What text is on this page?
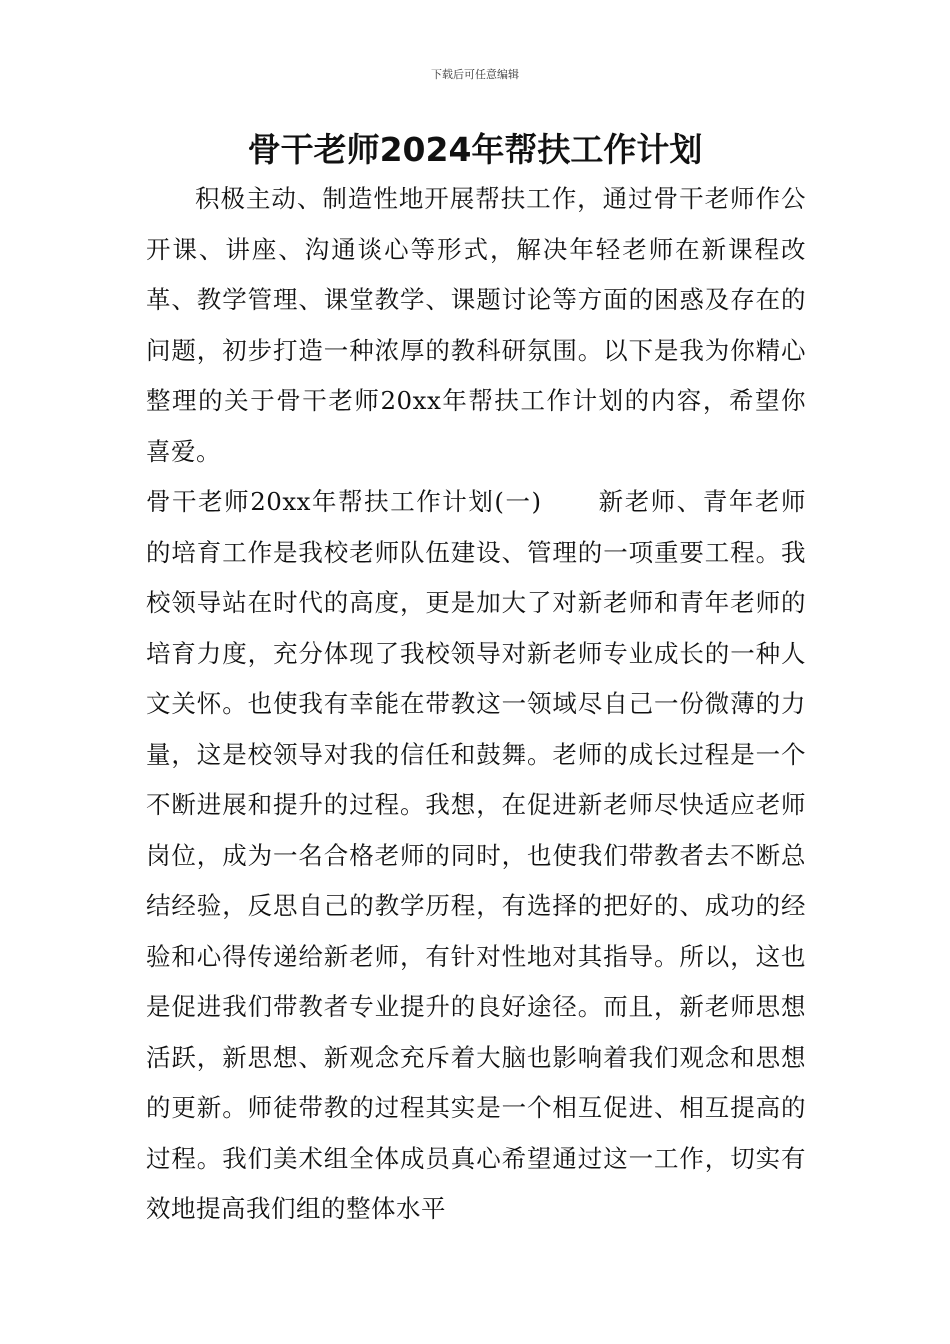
下载后可任意编辑
骨干老师2024年帮扶工作计划

积极主动、制造性地开展帮扶工作，通过骨干老师作公开课、讲座、沟通谈心等形式，解决年轻老师在新课程改革、教学管理、课堂教学、课题讨论等方面的困惑及存在的问题，初步打造一种浓厚的教科研氛围。以下是我为你精心整理的关于骨干老师20xx年帮扶工作计划的内容，希望你喜爱。

骨干老师20xx年帮扶工作计划(一) 新老师、青年老师的培育工作是我校老师队伍建设、管理的一项重要工程。我校领导站在时代的高度，更是加大了对新老师和青年老师的培育力度，充分体现了我校领导对新老师专业成长的一种人文关怀。也使我有幸能在带教这一领域尽自己一份微薄的力量，这是校领导对我的信任和鼓舞。老师的成长过程是一个不断进展和提升的过程。我想，在促进新老师尽快适应老师岗位，成为一名合格老师的同时，也使我们带教者去不断总结经验，反思自己的教学历程，有选择的把好的、成功的经验和心得传递给新老师，有针对性地对其指导。所以，这也是促进我们带教者专业提升的良好途径。而且，新老师思想活跃，新思想、新观念充斥着大脑也影响着我们观念和思想的更新。师徒带教的过程其实是一个相互促进、相互提高的过程。我们美术组全体成员真心希望通过这一工作，切实有效地提高我们组的整体水平
